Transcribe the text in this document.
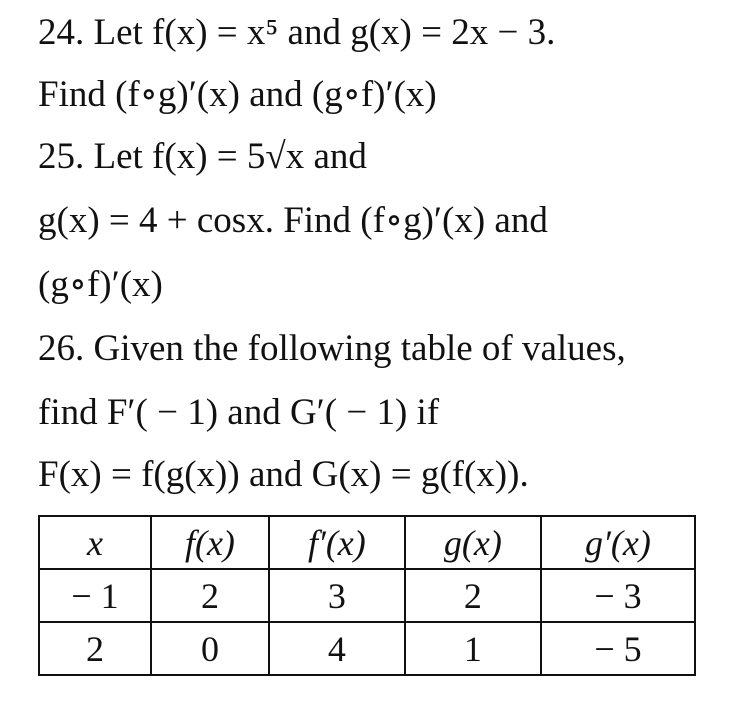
24. Let f(x) = x⁵ and g(x) = 2x − 3.
Find (f∘g)′(x) and (g∘f)′(x)
25. Let f(x) = 5√x and
g(x) = 4 + cosx. Find (f∘g)′(x) and
(g∘f)′(x)
26. Given the following table of values,
find F′( − 1) and G′( − 1) if
F(x) = f(g(x)) and G(x) = g(f(x)).
x	f(x)	f′(x)	g(x)	g′(x)
− 1	2	3	2	− 3
2	0	4	1	− 5
